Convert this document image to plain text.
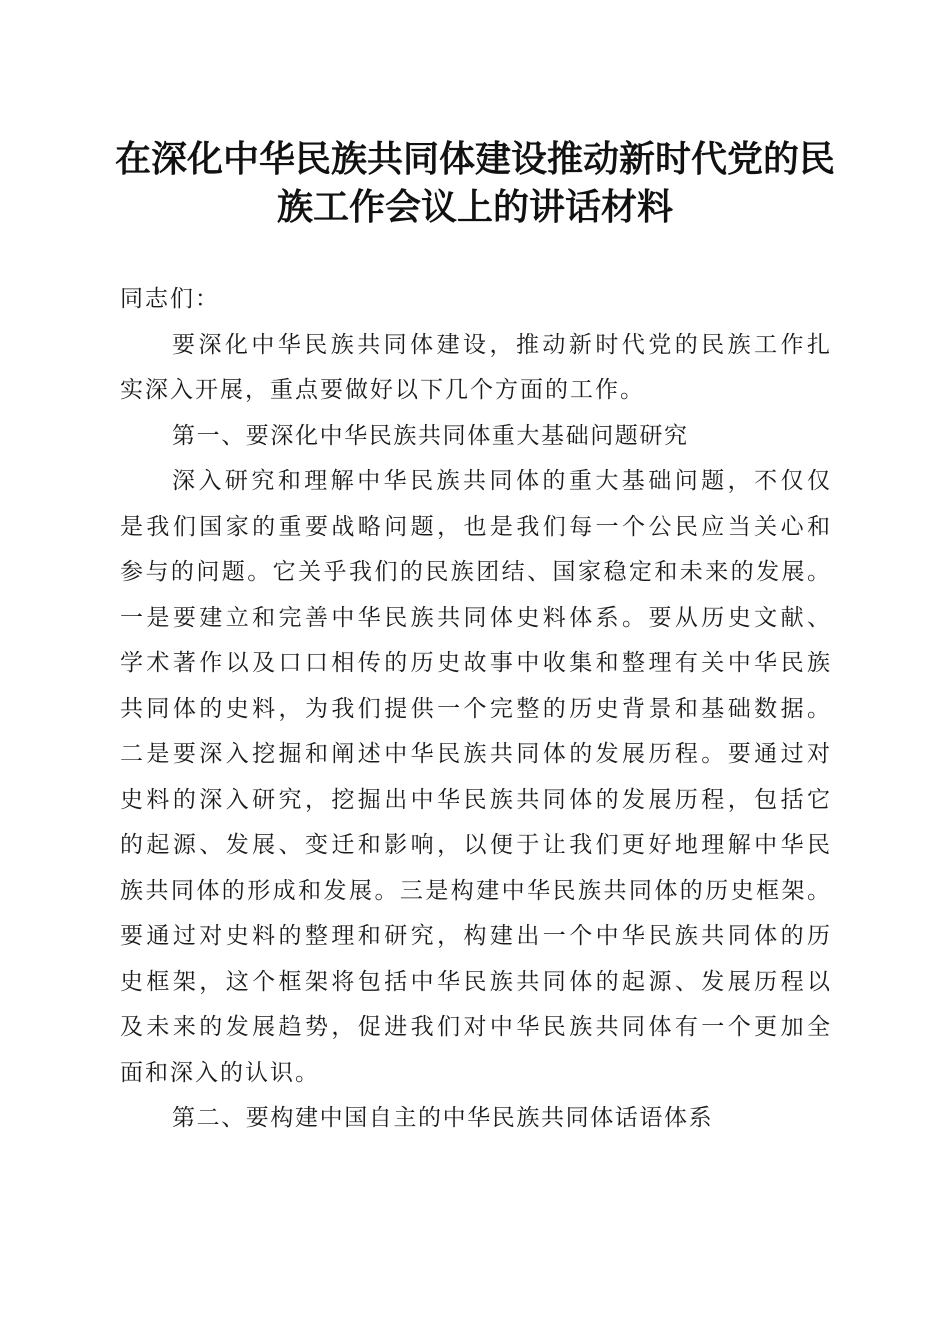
在深化中华民族共同体建设推动新时代党的民
族工作会议上的讲话材料
同志们：
要深化中华民族共同体建设，推动新时代党的民族工作扎
实深入开展，重点要做好以下几个方面的工作。
第一、要深化中华民族共同体重大基础问题研究
深入研究和理解中华民族共同体的重大基础问题，不仅仅
是我们国家的重要战略问题，也是我们每一个公民应当关心和
参与的问题。它关乎我们的民族团结、国家稳定和未来的发展。
一是要建立和完善中华民族共同体史料体系。要从历史文献、
学术著作以及口口相传的历史故事中收集和整理有关中华民族
共同体的史料，为我们提供一个完整的历史背景和基础数据。
二是要深入挖掘和阐述中华民族共同体的发展历程。要通过对
史料的深入研究，挖掘出中华民族共同体的发展历程，包括它
的起源、发展、变迁和影响，以便于让我们更好地理解中华民
族共同体的形成和发展。三是构建中华民族共同体的历史框架。
要通过对史料的整理和研究，构建出一个中华民族共同体的历
史框架，这个框架将包括中华民族共同体的起源、发展历程以
及未来的发展趋势，促进我们对中华民族共同体有一个更加全
面和深入的认识。
第二、要构建中国自主的中华民族共同体话语体系
